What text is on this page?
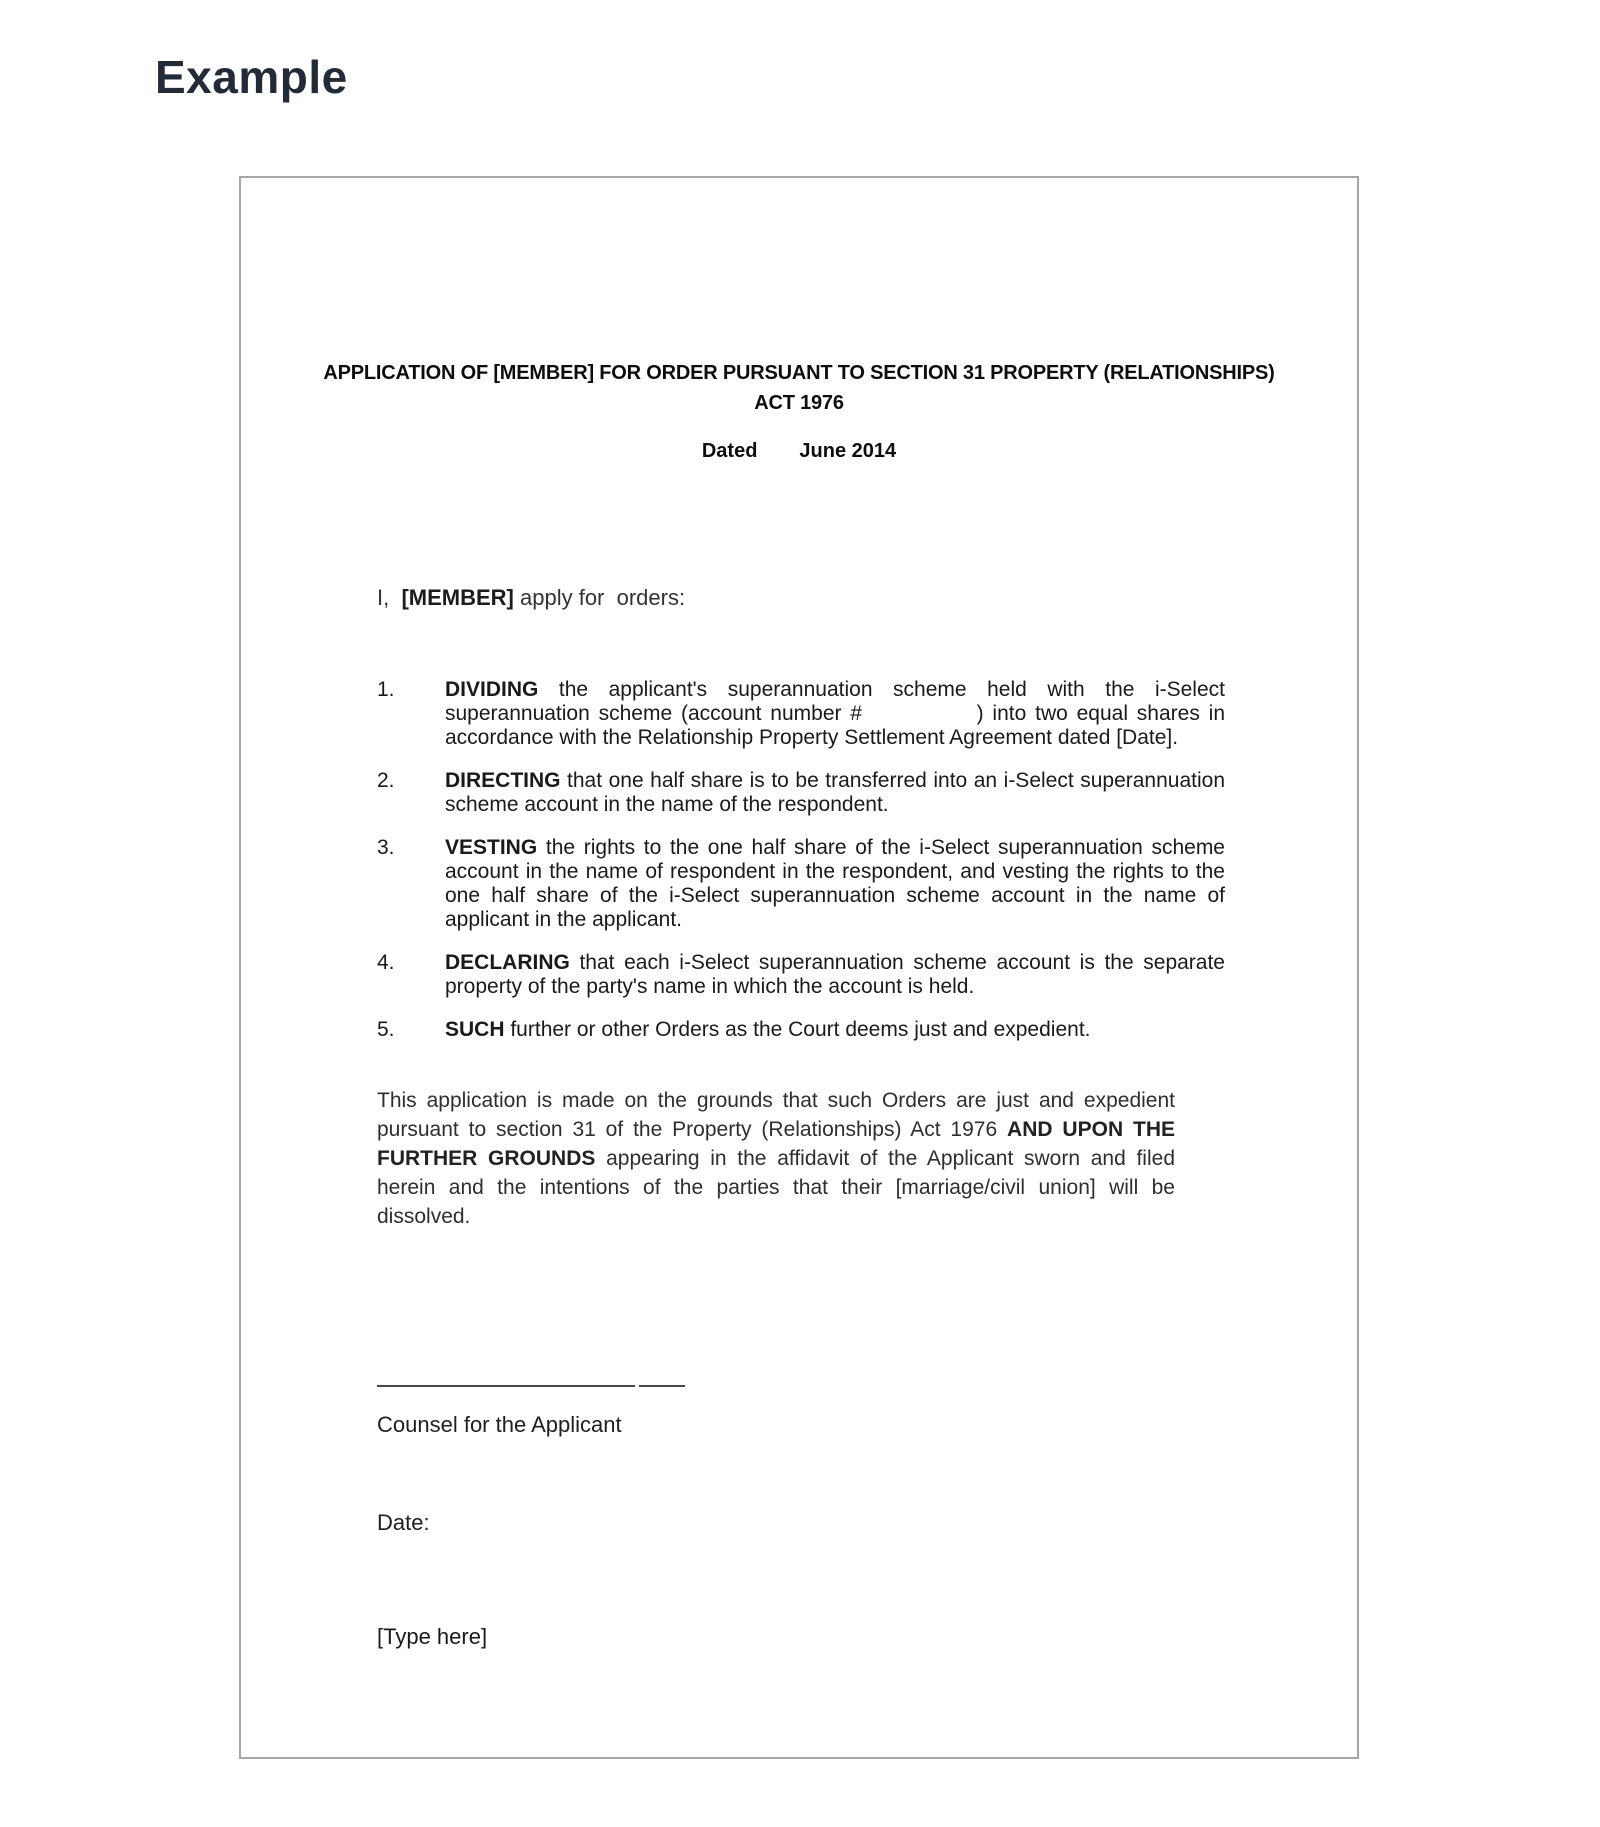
Example
APPLICATION OF [MEMBER] FOR ORDER PURSUANT TO SECTION 31 PROPERTY (RELATIONSHIPS)
ACT 1976
Dated June 2014
I,  [MEMBER] apply for  orders:
1.	DIVIDING the applicant's superannuation scheme held with the i-Select superannuation scheme (account number #             ) into two equal shares in accordance with the Relationship Property Settlement Agreement dated [Date].
2.	DIRECTING that one half share is to be transferred into an i-Select superannuation scheme account in the name of the respondent.
3.	VESTING the rights to the one half share of the i-Select superannuation scheme account in the name of respondent in the respondent, and vesting the rights to the one half share of the i-Select superannuation scheme account in the name of applicant in the applicant.
4.	DECLARING that each i-Select superannuation scheme account is the separate property of the party's name in which the account is held.
5.	SUCH further or other Orders as the Court deems just and expedient.
This application is made on the grounds that such Orders are just and expedient pursuant to section 31 of the Property (Relationships) Act 1976 AND UPON THE FURTHER GROUNDS appearing in the affidavit of the Applicant sworn and filed herein and the intentions of the parties that their [marriage/civil union] will be dissolved.
Counsel for the Applicant
Date:
[Type here]
